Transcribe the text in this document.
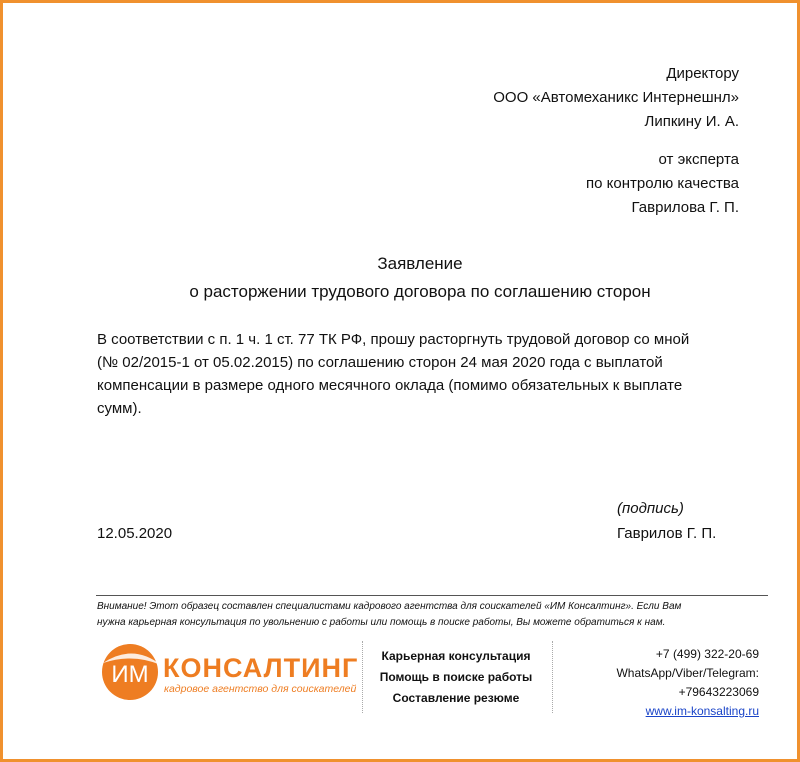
Директору
ООО «Автомеханикс Интернешнл»
Липкину И. А.
от эксперта
по контролю качества
Гаврилова Г. П.
Заявление
о расторжении трудового договора по соглашению сторон
В соответствии с п. 1 ч. 1 ст. 77 ТК РФ, прошу расторгнуть трудовой договор со мной
(№ 02/2015-1 от 05.02.2015) по соглашению сторон 24 мая 2020 года с выплатой
компенсации в размере одного месячного оклада (помимо обязательных к выплате
сумм).
(подпись)
12.05.2020	Гаврилов Г. П.
Внимание! Этот образец составлен специалистами кадрового агентства для соискателей «ИМ Консалтинг». Если Вам
нужна карьерная консультация по увольнению с работы или помощь в поиске работы, Вы можете обратиться к нам.
ИМ КОНСАЛТИНГ
кадровое агентство для соискателей
Карьерная консультация
Помощь в поиске работы
Составление резюме
+7 (499) 322-20-69
WhatsApp/Viber/Telegram:
+79643223069
www.im-konsalting.ru
